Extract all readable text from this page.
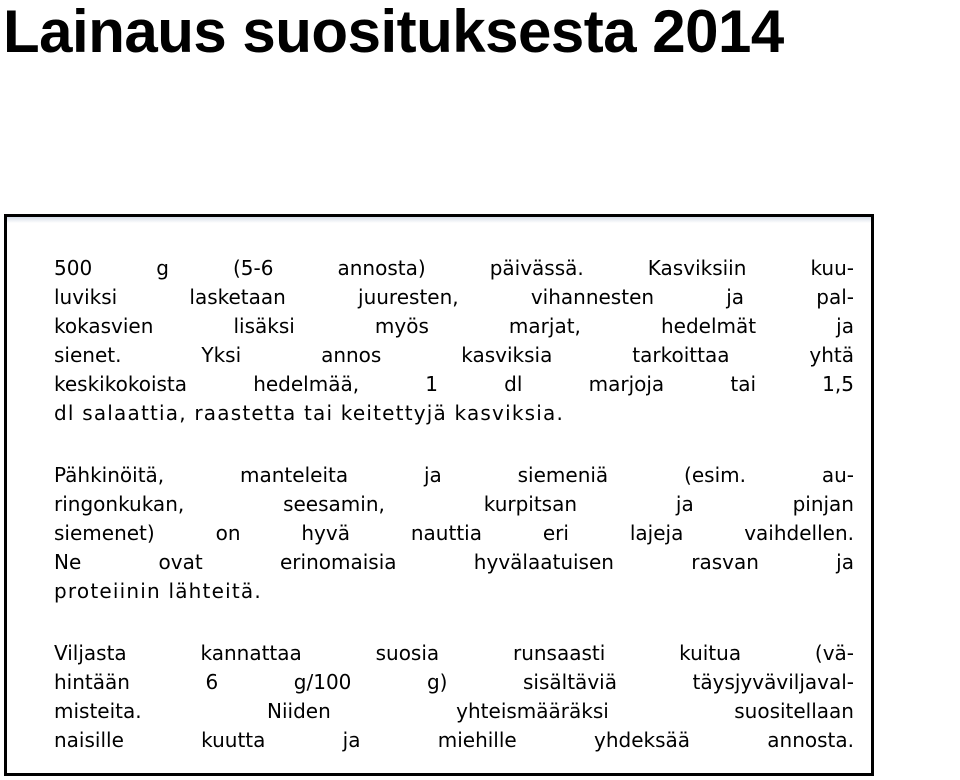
Lainaus suosituksesta 2014
500 g (5-6 annosta) päivässä. Kasviksiin kuu-
luviksi lasketaan juuresten, vihannesten ja pal-
kokasvien lisäksi myös marjat, hedelmät ja
sienet. Yksi annos kasviksia tarkoittaa yhtä
keskikokoista hedelmää, 1 dl marjoja tai 1,5
dl salaattia, raastetta tai keitettyjä kasviksia.
Pähkinöitä, manteleita ja siemeniä (esim. au-
ringonkukan, seesamin, kurpitsan ja pinjan
siemenet) on hyvä nauttia eri lajeja vaihdellen.
Ne ovat erinomaisia hyvälaatuisen rasvan ja
proteiinin lähteitä.
Viljasta kannattaa suosia runsaasti kuitua (vä-
hintään 6 g/100 g) sisältäviä täysjyväviljaval-
misteita. Niiden yhteismääräksi suositellaan
naisille kuutta ja miehille yhdeksää annosta.
